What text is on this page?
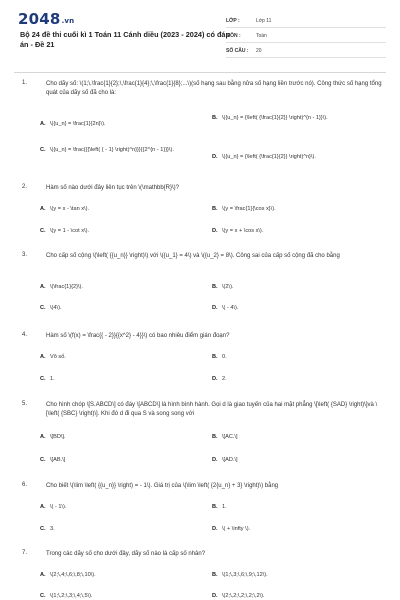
2048.vn
Bộ 24 đề thi cuối kì 1 Toán 11 Cánh diều (2023 - 2024) có đáp án - Đề 21
LỚP :	Lớp 11
MÔN :	Toán
SỐ CÂU :	20
1.	Cho dãy số: \(1;\,\frac{1}{2};\,\frac{1}{4};\,\frac{1}{8};...\)(số hạng sau bằng nửa số hạng liền trước nó). Công thức số hạng tổng quát của dãy số đã cho là:
A. \({u_n} = \frac{1}{2n}\).
B. \({u_n} = {\left( {\frac{1}{2}} \right)^{n - 1}}\).
C. \({u_n} = \frac{{{\left( { - 1} \right)^n}}}{{2^{n - 1}}}\).
D. \({u_n} = {\left( {\frac{1}{2}} \right)^n}\).
2.	Hàm số nào dưới đây liên tục trên \(\mathbb{R}\)?
A. \(y = x - \tan x\).	B. \(y = \frac{1}{\cos x}\).
C. \(y = 1 - \cot x\).	D. \(y = x + \cos x\).
3.	Cho cấp số cộng \(\left( {{u_n}} \right)\) với \({u_1} = 4\) và \({u_2} = 8\). Công sai của cấp số cộng đã cho bằng
A. \(\frac{1}{2}\).	B. \(2\).
C. \(4\).	D. \( - 4\).
4.	Hàm số \(f(x) = \frac{{ - 2}}{{x^2} - 4}}\) có bao nhiêu điểm gián đoạn?
A. Vô số.	B. 0.
C. 1.	D. 2.
5.	Cho hình chóp \[S.ABCD\] có đáy \[ABCD\] là hình bình hành. Gọi d là giao tuyến của hai mặt phẳng \[\left( {SAD} \right)\]và \[\left( {SBC} \right)\]. Khi đó d đi qua S và song song với
A. \[BD\].	B. \[AC.\]
C. \[AB.\]	D. \[AD.\]
6.	Cho biết \(\lim \left( {{u_n}} \right) = - 1\). Giá trị của \(\lim \left( {2{u_n} + 3} \right)\) bằng
A. \( - 1\).	B. 1.
C. 3.	D. \( + \infty \).
7.	Trong các dãy số cho dưới đây, dãy số nào là cấp số nhân?
A. \(2;\,4;\,6;\,8;\,10\).	B. \(1;\,3;\,6;\,9;\,12\).
C. \(1;\,2;\,3;\,4;\,5\).	D. \(2;\,2;\,2;\,2;\,2\).
